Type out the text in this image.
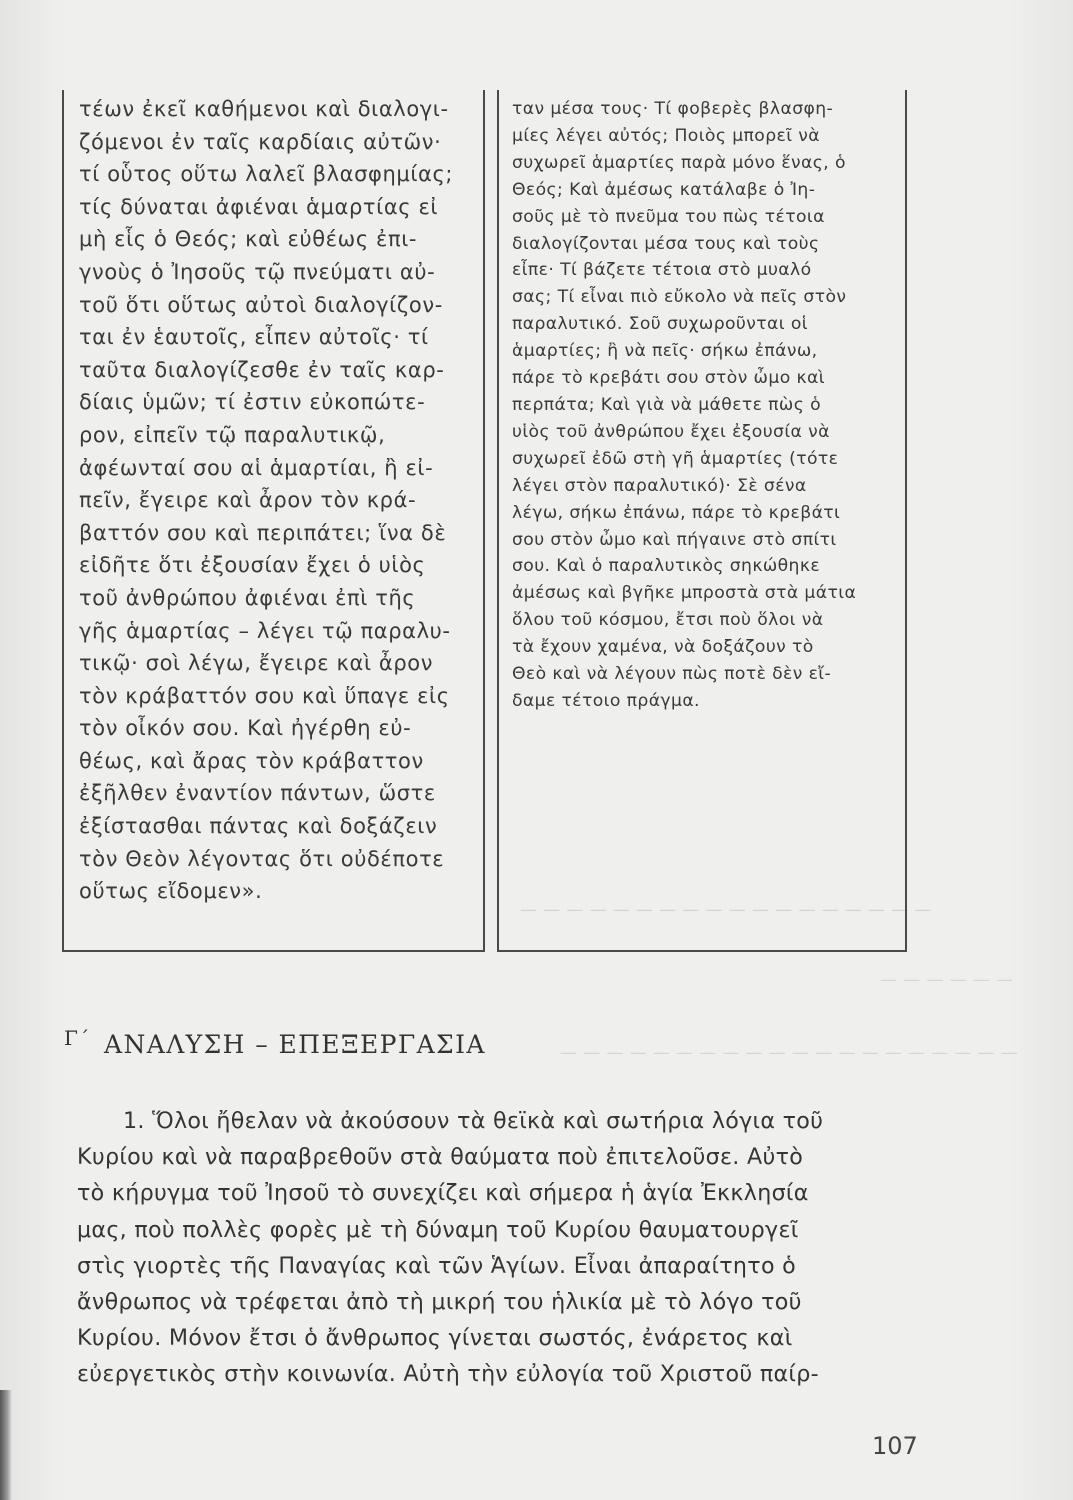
— — — — — — — — — — — — — — — — — —
— — — — — —
— — — — — — — — — — — — — — — — — — — —
τέων ἐκεῖ καθήμενοι καὶ διαλογι-
ζόμενοι ἐν ταῖς καρδίαις αὐτῶν·
τί οὗτος οὕτω λαλεῖ βλασφημίας;
τίς δύναται ἀφιέναι ἁμαρτίας εἰ
μὴ εἷς ὁ Θεός; καὶ εὐθέως ἐπι-
γνοὺς ὁ Ἰησοῦς τῷ πνεύματι αὐ-
τοῦ ὅτι οὕτως αὐτοὶ διαλογίζον-
ται ἐν ἑαυτοῖς, εἶπεν αὐτοῖς· τί
ταῦτα διαλογίζεσθε ἐν ταῖς καρ-
δίαις ὑμῶν; τί ἐστιν εὐκοπώτε-
ρον, εἰπεῖν τῷ παραλυτικῷ,
ἀφέωνταί σου αἱ ἁμαρτίαι, ἢ εἰ-
πεῖν, ἔγειρε καὶ ἆρον τὸν κρά-
βαττόν σου καὶ περιπάτει; ἵνα δὲ
εἰδῆτε ὅτι ἐξουσίαν ἔχει ὁ υἱὸς
τοῦ ἀνθρώπου ἀφιέναι ἐπὶ τῆς
γῆς ἁμαρτίας – λέγει τῷ παραλυ-
τικῷ· σοὶ λέγω, ἔγειρε καὶ ἆρον
τὸν κράβαττόν σου καὶ ὕπαγε εἰς
τὸν οἶκόν σου. Καὶ ἠγέρθη εὐ-
θέως, καὶ ἄρας τὸν κράβαττον
ἐξῆλθεν ἐναντίον πάντων, ὥστε
ἐξίστασθαι πάντας καὶ δοξάζειν
τὸν Θεὸν λέγοντας ὅτι οὐδέποτε
οὕτως εἴδομεν».
ταν μέσα τους· Τί φοβερὲς βλασφη-
μίες λέγει αὐτός; Ποιὸς μπορεῖ νὰ
συχωρεῖ ἁμαρτίες παρὰ μόνο ἕνας, ὁ
Θεός; Καὶ ἀμέσως κατάλαβε ὁ Ἰη-
σοῦς μὲ τὸ πνεῦμα του πὼς τέτοια
διαλογίζονται μέσα τους καὶ τοὺς
εἶπε· Τί βάζετε τέτοια στὸ μυαλό
σας; Τί εἶναι πιὸ εὔκολο νὰ πεῖς στὸν
παραλυτικό. Σοῦ συχωροῦνται οἱ
ἁμαρτίες; ἢ νὰ πεῖς· σήκω ἐπάνω,
πάρε τὸ κρεβάτι σου στὸν ὦμο καὶ
περπάτα; Καὶ γιὰ νὰ μάθετε πὼς ὁ
υἱὸς τοῦ ἀνθρώπου ἔχει ἐξουσία νὰ
συχωρεῖ ἐδῶ στὴ γῆ ἁμαρτίες (τότε
λέγει στὸν παραλυτικό)· Σὲ σένα
λέγω, σήκω ἐπάνω, πάρε τὸ κρεβάτι
σου στὸν ὦμο καὶ πήγαινε στὸ σπίτι
σου. Καὶ ὁ παραλυτικὸς σηκώθηκε
ἀμέσως καὶ βγῆκε μπροστὰ στὰ μάτια
ὅλου τοῦ κόσμου, ἔτσι ποὺ ὅλοι νὰ
τὰ ἔχουν χαμένα, νὰ δοξάζουν τὸ
Θεὸ καὶ νὰ λέγουν πὼς ποτὲ δὲν εἴ-
δαμε τέτοιο πράγμα.
$^{\Gamma΄}$ ΑΝΑΛΥΣΗ – ΕΠΕΞΕΡΓΑΣΙΑ
1. Ὅλοι ἤθελαν νὰ ἀκούσουν τὰ θεϊκὰ καὶ σωτήρια λόγια τοῦ
Κυρίου καὶ νὰ παραβρεθοῦν στὰ θαύματα ποὺ ἐπιτελοῦσε. Αὐτὸ
τὸ κήρυγμα τοῦ Ἰησοῦ τὸ συνεχίζει καὶ σήμερα ἡ ἁγία Ἐκκλησία
μας, ποὺ πολλὲς φορὲς μὲ τὴ δύναμη τοῦ Κυρίου θαυματουργεῖ
στὶς γιορτὲς τῆς Παναγίας καὶ τῶν Ἁγίων. Εἶναι ἀπαραίτητο ὁ
ἄνθρωπος νὰ τρέφεται ἀπὸ τὴ μικρή του ἡλικία μὲ τὸ λόγο τοῦ
Κυρίου. Μόνον ἔτσι ὁ ἄνθρωπος γίνεται σωστός, ἐνάρετος καὶ
εὐεργετικὸς στὴν κοινωνία. Αὐτὴ τὴν εὐλογία τοῦ Χριστοῦ παίρ-
107
